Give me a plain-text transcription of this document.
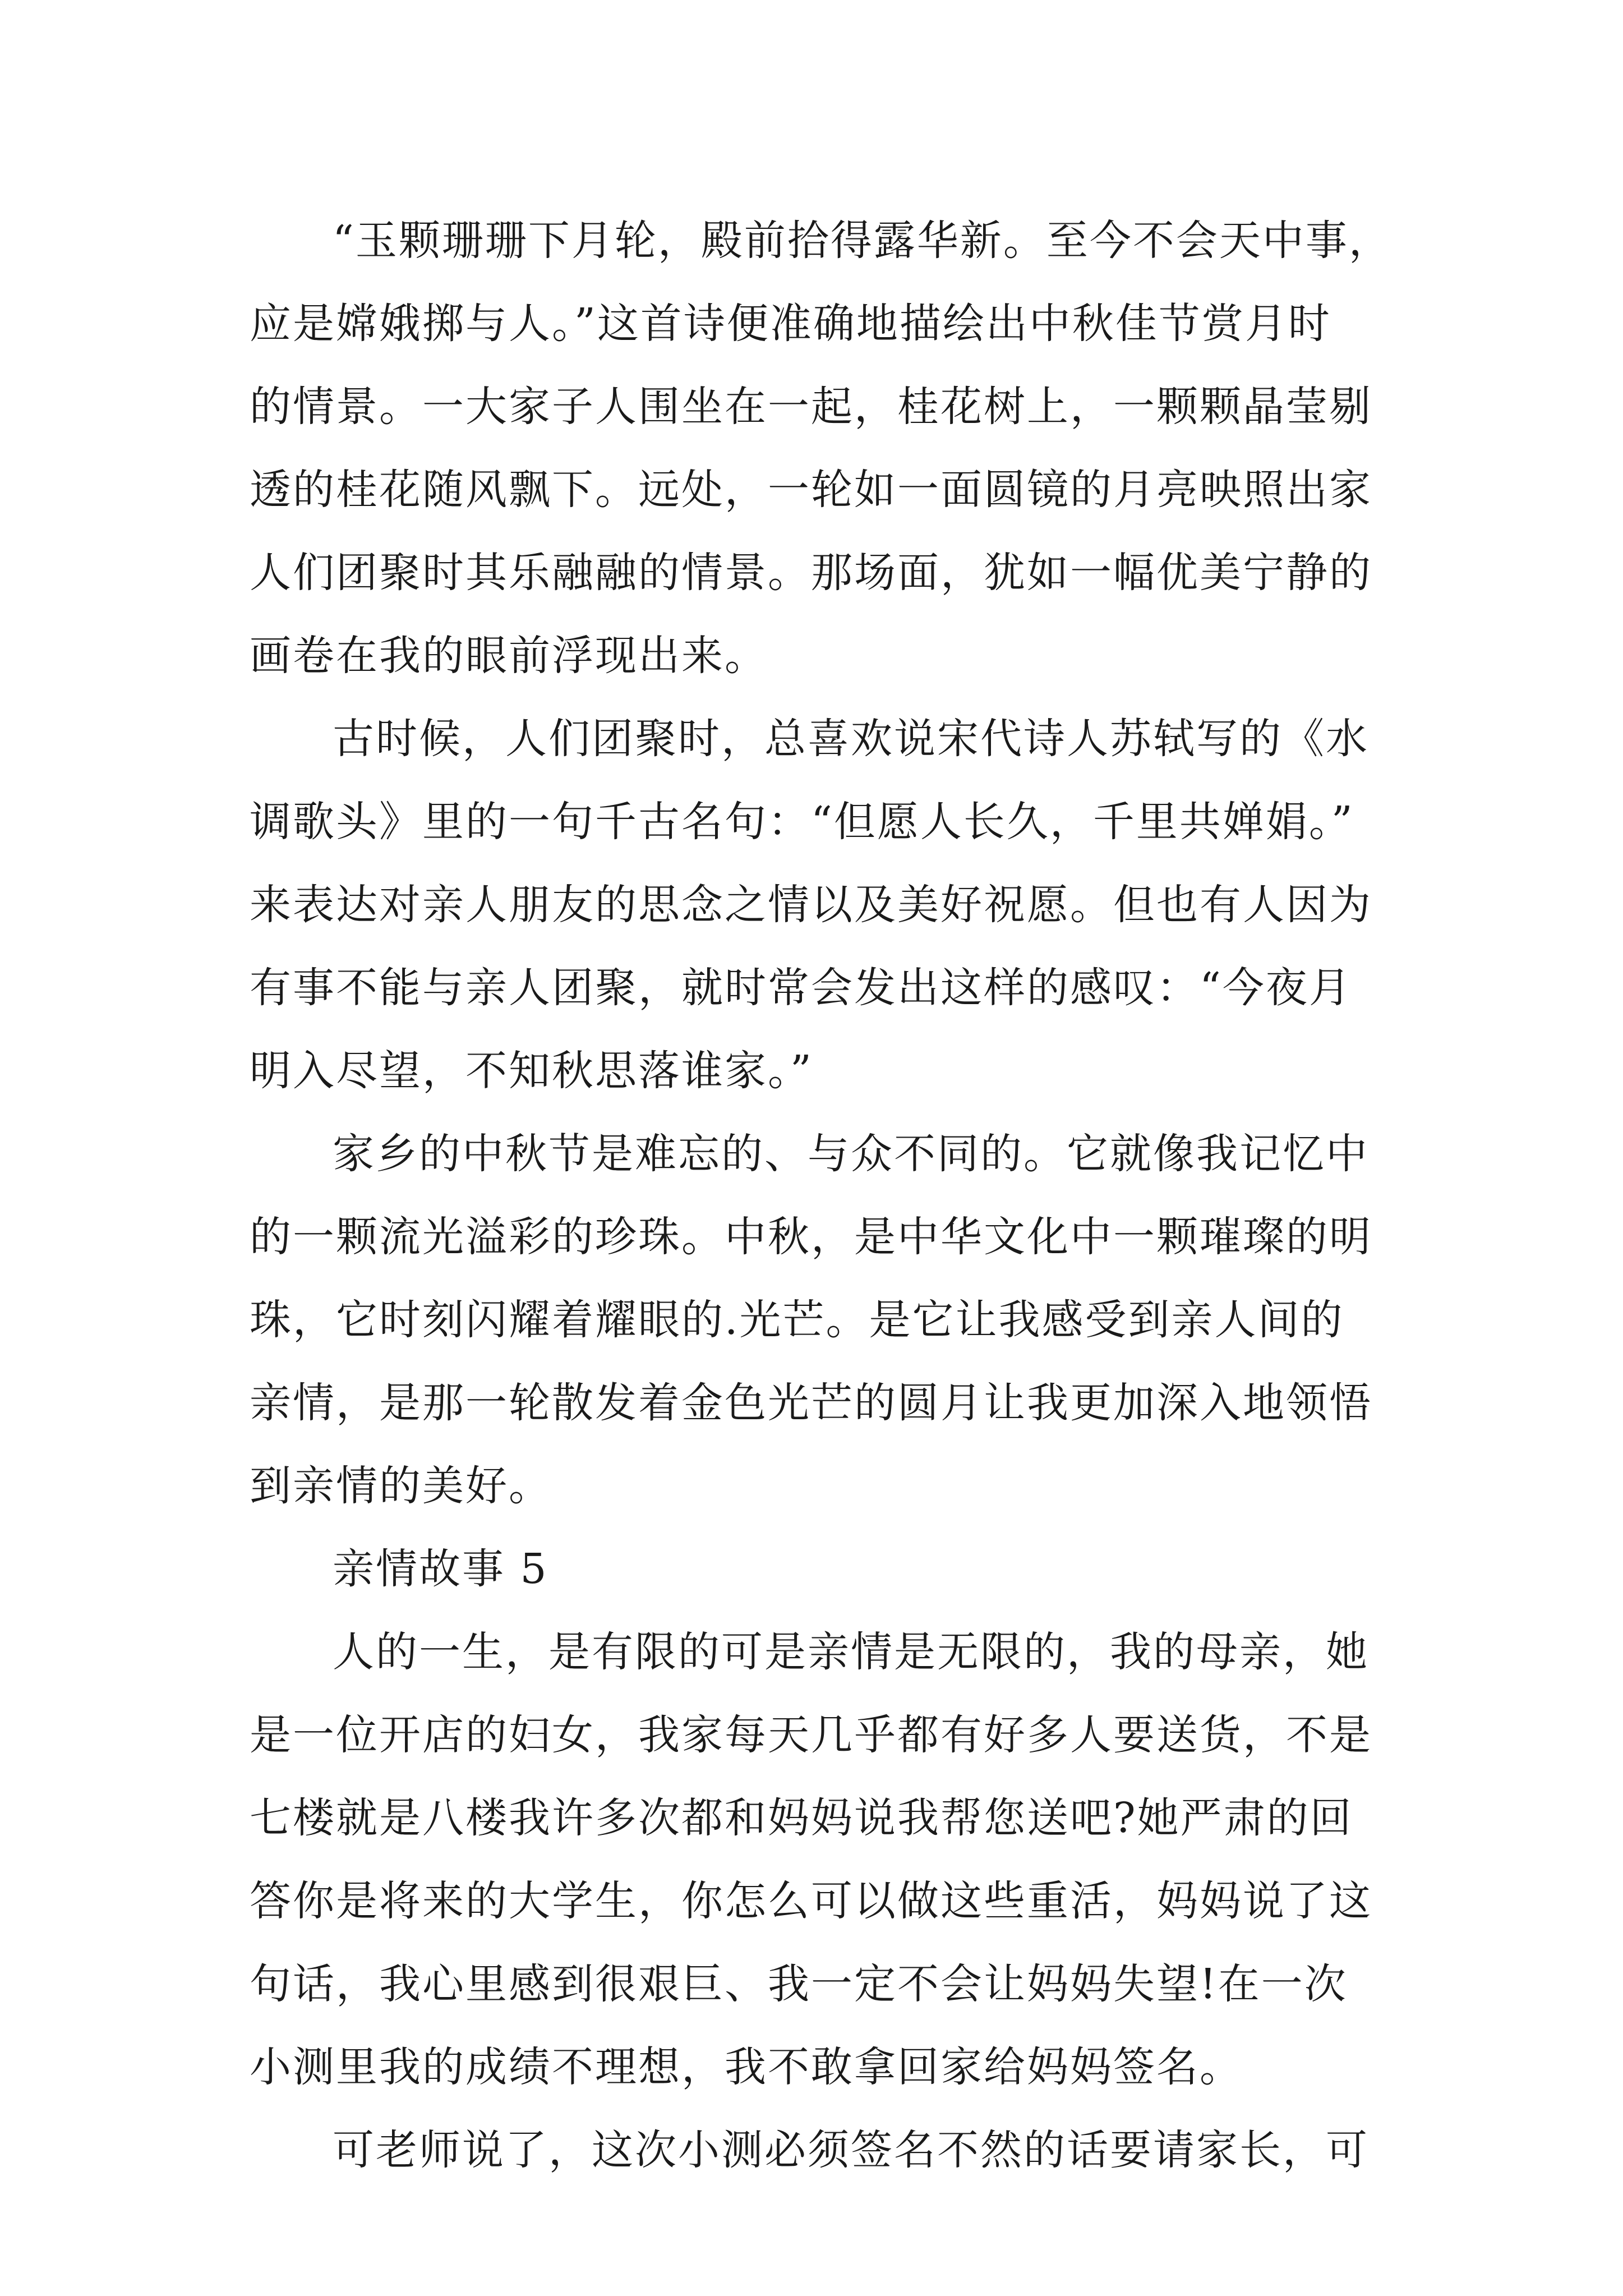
“玉颗珊珊下月轮，殿前拾得露华新。至今不会天中事，
应是嫦娥掷与人。”这首诗便准确地描绘出中秋佳节赏月时
的情景。一大家子人围坐在一起，桂花树上，一颗颗晶莹剔
透的桂花随风飘下。远处，一轮如一面圆镜的月亮映照出家
人们团聚时其乐融融的情景。那场面，犹如一幅优美宁静的
画卷在我的眼前浮现出来。
古时候，人们团聚时，总喜欢说宋代诗人苏轼写的《水
调歌头》里的一句千古名句：“但愿人长久，千里共婵娟。”
来表达对亲人朋友的思念之情以及美好祝愿。但也有人因为
有事不能与亲人团聚，就时常会发出这样的感叹：“今夜月
明入尽望，不知秋思落谁家。”
家乡的中秋节是难忘的、与众不同的。它就像我记忆中
的一颗流光溢彩的珍珠。中秋，是中华文化中一颗璀璨的明
珠，它时刻闪耀着耀眼的.光芒。是它让我感受到亲人间的
亲情，是那一轮散发着金色光芒的圆月让我更加深入地领悟
到亲情的美好。
亲情故事 5
人的一生，是有限的可是亲情是无限的，我的母亲，她
是一位开店的妇女，我家每天几乎都有好多人要送货，不是
七楼就是八楼我许多次都和妈妈说我帮您送吧?她严肃的回
答你是将来的大学生，你怎么可以做这些重活，妈妈说了这
句话，我心里感到很艰巨、我一定不会让妈妈失望!在一次
小测里我的成绩不理想，我不敢拿回家给妈妈签名。
可老师说了，这次小测必须签名不然的话要请家长，可
